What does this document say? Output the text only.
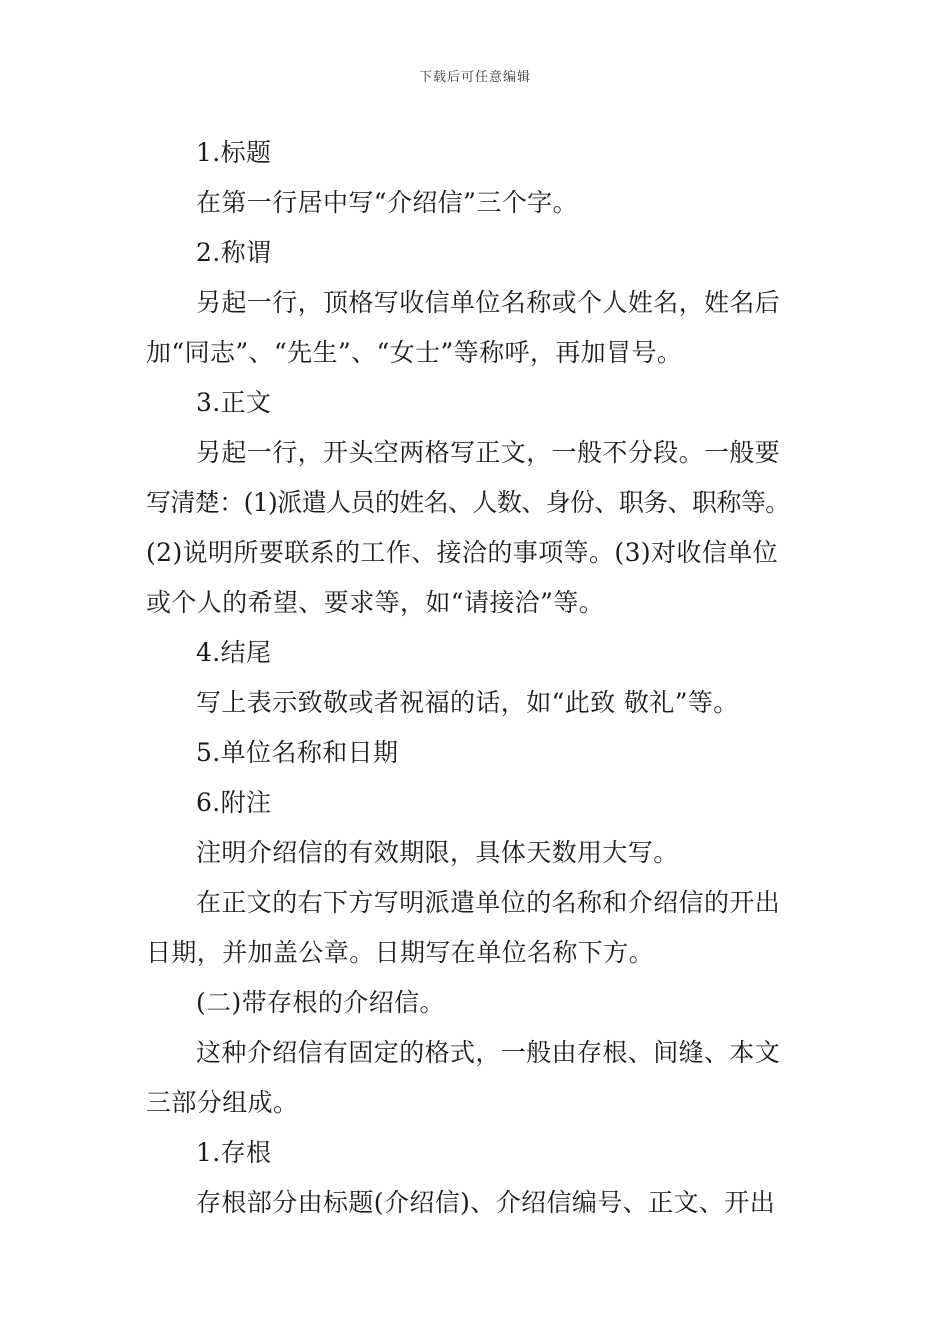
下载后可任意编辑
1.标题
在第一行居中写“介绍信”三个字。
2.称谓
另起一行，顶格写收信单位名称或个人姓名，姓名后
加“同志”、“先生”、“女士”等称呼，再加冒号。
3.正文
另起一行，开头空两格写正文，一般不分段。一般要
写清楚：(1)派遣人员的姓名、人数、身份、职务、职称等。
(2)说明所要联系的工作、接洽的事项等。(3)对收信单位
或个人的希望、要求等，如“请接洽”等。
4.结尾
写上表示致敬或者祝福的话，如“此致 敬礼”等。
5.单位名称和日期
6.附注
注明介绍信的有效期限，具体天数用大写。
在正文的右下方写明派遣单位的名称和介绍信的开出
日期，并加盖公章。日期写在单位名称下方。
(二)带存根的介绍信。
这种介绍信有固定的格式，一般由存根、间缝、本文
三部分组成。
1.存根
存根部分由标题(介绍信)、介绍信编号、正文、开出
